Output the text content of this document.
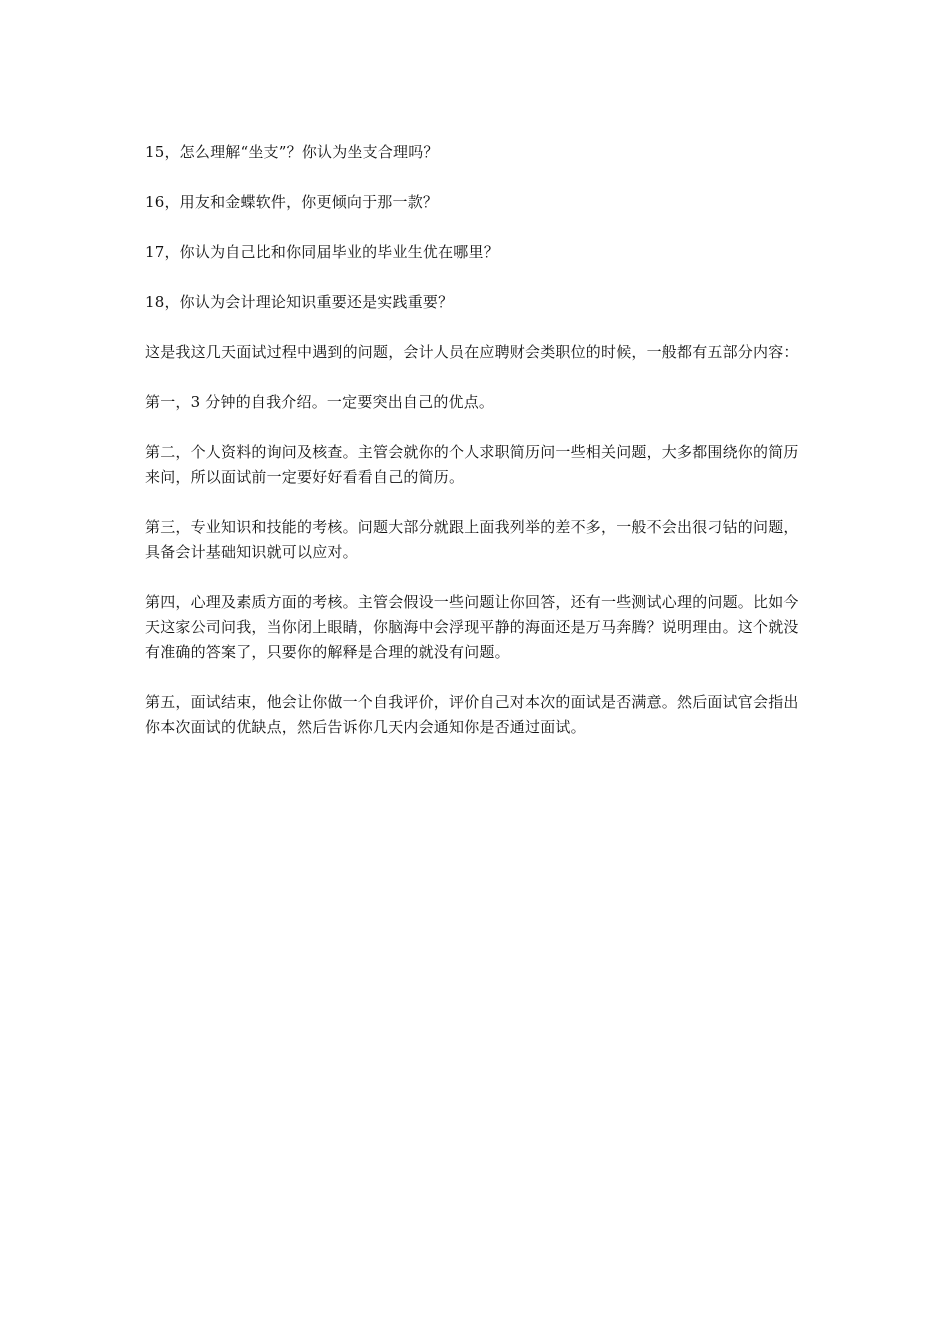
15，怎么理解“坐支”？你认为坐支合理吗？

16，用友和金蝶软件，你更倾向于那一款？

17，你认为自己比和你同届毕业的毕业生优在哪里？

18，你认为会计理论知识重要还是实践重要？

这是我这几天面试过程中遇到的问题，会计人员在应聘财会类职位的时候，一般都有五部分内容：

第一，3 分钟的自我介绍。一定要突出自己的优点。

第二，个人资料的询问及核查。主管会就你的个人求职简历问一些相关问题，大多都围绕你的简历来问，所以面试前一定要好好看看自己的简历。

第三，专业知识和技能的考核。问题大部分就跟上面我列举的差不多，一般不会出很刁钻的问题，具备会计基础知识就可以应对。

第四，心理及素质方面的考核。主管会假设一些问题让你回答，还有一些测试心理的问题。比如今天这家公司问我，当你闭上眼睛，你脑海中会浮现平静的海面还是万马奔腾？说明理由。这个就没有准确的答案了，只要你的解释是合理的就没有问题。

第五，面试结束，他会让你做一个自我评价，评价自己对本次的面试是否满意。然后面试官会指出你本次面试的优缺点，然后告诉你几天内会通知你是否通过面试。
